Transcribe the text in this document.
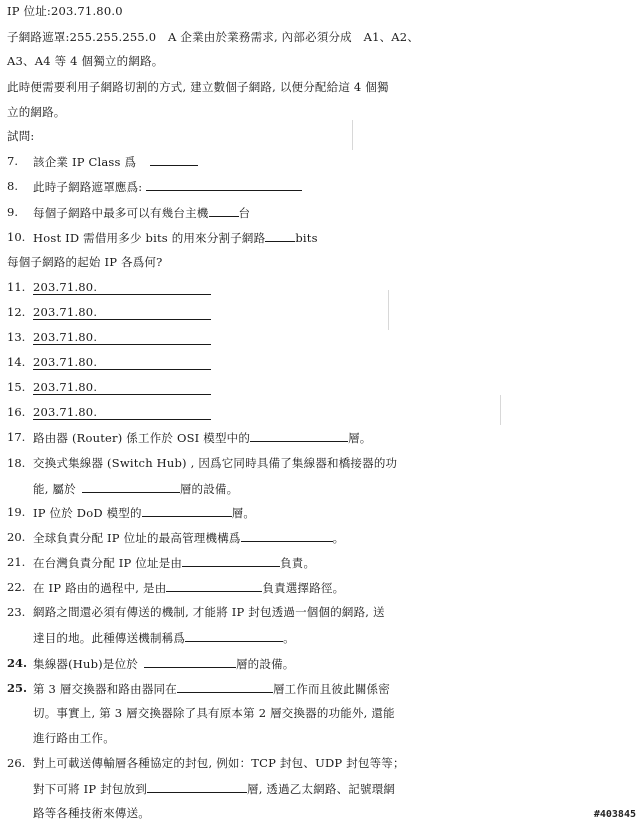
IP 位址:203.71.80.0
子網路遮罩:255.255.255.0　A 企業由於業務需求, 內部必須分成　A1、A2、
A3、A4 等 4 個獨立的網路。
此時便需要利用子網路切割的方式, 建立數個子網路, 以便分配給這 4 個獨
立的網路。
試問:
7. 該企業 IP Class 爲
8. 此時子網路遮罩應爲:
9. 每個子網路中最多可以有幾台主機	台
10. Host ID 需借用多少 bits 的用來分割子網路	bits
每個子網路的起始 IP 各爲何?
11. 203.71.80.
12. 203.71.80.
13. 203.71.80.
14. 203.71.80.
15. 203.71.80.
16. 203.71.80.
17. 路由器 (Router) 係工作於 OSI 模型中的	層。
18. 交換式集線器 (Switch Hub) , 因爲它同時具備了集線器和橋接器的功
能, 屬於	層的設備。
19. IP 位於 DoD 模型的	層。
20. 全球負責分配 IP 位址的最高管理機構爲	。
21. 在台灣負責分配 IP 位址是由	負責。
22. 在 IP 路由的過程中, 是由	負責選擇路徑。
23. 網路之間還必須有傳送的機制, 才能將 IP 封包透過一個個的網路, 送
達目的地。此種傳送機制稱爲	。
24. 集線器(Hub)是位於	層的設備。
25. 第 3 層交換器和路由器同在	層工作而且彼此關係密
切。事實上, 第 3 層交換器除了具有原本第 2 層交換器的功能外, 還能
進行路由工作。
26. 對上可載送傳輸層各種協定的封包, 例如：TCP 封包、UDP 封包等等；
對下可將 IP 封包放到	層, 透過乙太網路、記號環網
路等各種技術來傳送。	#403845
